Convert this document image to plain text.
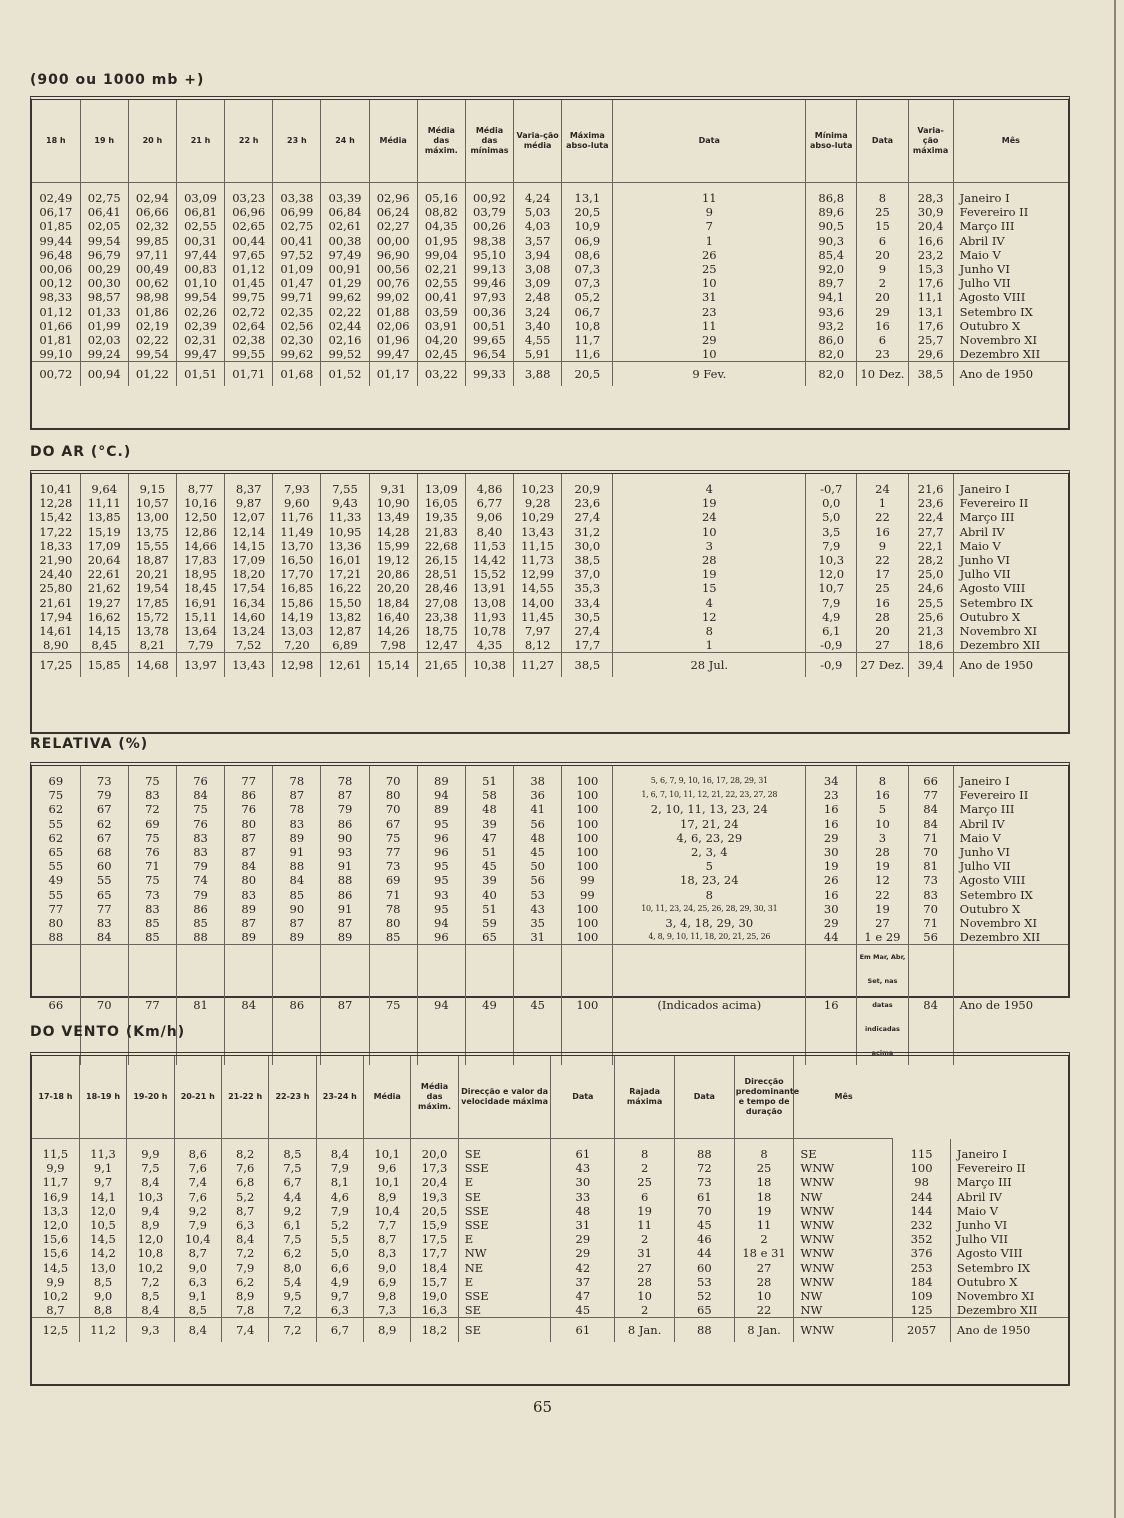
(900 ou 1000 mb +)
18 h	19 h	20 h	21 h	22 h	23 h	24 h	Média	Média das máxim.	Média das mínimas	Varia-ção média	Máxima abso-luta	Data	Mínima abso-luta	Data	Varia-ção máxima	Mês

02,49	02,75	02,94	03,09	03,23	03,38	03,39	02,96	05,16	00,92	4,24	13,1	11	86,8	8	28,3	Janeiro I
06,17	06,41	06,66	06,81	06,96	06,99	06,84	06,24	08,82	03,79	5,03	20,5	9	89,6	25	30,9	Fevereiro II
01,85	02,05	02,32	02,55	02,65	02,75	02,61	02,27	04,35	00,26	4,03	10,9	7	90,5	15	20,4	Março III
99,44	99,54	99,85	00,31	00,44	00,41	00,38	00,00	01,95	98,38	3,57	06,9	1	90,3	6	16,6	Abril IV
96,48	96,79	97,11	97,44	97,65	97,52	97,49	96,90	99,04	95,10	3,94	08,6	26	85,4	20	23,2	Maio V
00,06	00,29	00,49	00,83	01,12	01,09	00,91	00,56	02,21	99,13	3,08	07,3	25	92,0	9	15,3	Junho VI
00,12	00,30	00,62	01,10	01,45	01,47	01,29	00,76	02,55	99,46	3,09	07,3	10	89,7	2	17,6	Julho VII
98,33	98,57	98,98	99,54	99,75	99,71	99,62	99,02	00,41	97,93	2,48	05,2	31	94,1	20	11,1	Agosto VIII
01,12	01,33	01,86	02,26	02,72	02,35	02,22	01,88	03,59	00,36	3,24	06,7	23	93,6	29	13,1	Setembro IX
01,66	01,99	02,19	02,39	02,64	02,56	02,44	02,06	03,91	00,51	3,40	10,8	11	93,2	16	17,6	Outubro X
01,81	02,03	02,22	02,31	02,38	02,30	02,16	01,96	04,20	99,65	4,55	11,7	29	86,0	6	25,7	Novembro XI
99,10	99,24	99,54	99,47	99,55	99,62	99,52	99,47	02,45	96,54	5,91	11,6	10	82,0	23	29,6	Dezembro XII
00,72	00,94	01,22	01,51	01,71	01,68	01,52	01,17	03,22	99,33	3,88	20,5	9 Fev.	82,0	10 Dez.	38,5	Ano de 1950
DO AR (°C.)

10,41	9,64	9,15	8,77	8,37	7,93	7,55	9,31	13,09	4,86	10,23	20,9	4	-0,7	24	21,6	Janeiro I
12,28	11,11	10,57	10,16	9,87	9,60	9,43	10,90	16,05	6,77	9,28	23,6	19	0,0	1	23,6	Fevereiro II
15,42	13,85	13,00	12,50	12,07	11,76	11,33	13,49	19,35	9,06	10,29	27,4	24	5,0	22	22,4	Março III
17,22	15,19	13,75	12,86	12,14	11,49	10,95	14,28	21,83	8,40	13,43	31,2	10	3,5	16	27,7	Abril IV
18,33	17,09	15,55	14,66	14,15	13,70	13,36	15,99	22,68	11,53	11,15	30,0	3	7,9	9	22,1	Maio V
21,90	20,64	18,87	17,83	17,09	16,50	16,01	19,12	26,15	14,42	11,73	38,5	28	10,3	22	28,2	Junho VI
24,40	22,61	20,21	18,95	18,20	17,70	17,21	20,86	28,51	15,52	12,99	37,0	19	12,0	17	25,0	Julho VII
25,80	21,62	19,54	18,45	17,54	16,85	16,22	20,20	28,46	13,91	14,55	35,3	15	10,7	25	24,6	Agosto VIII
21,61	19,27	17,85	16,91	16,34	15,86	15,50	18,84	27,08	13,08	14,00	33,4	4	7,9	16	25,5	Setembro IX
17,94	16,62	15,72	15,11	14,60	14,19	13,82	16,40	23,38	11,93	11,45	30,5	12	4,9	28	25,6	Outubro X
14,61	14,15	13,78	13,64	13,24	13,03	12,87	14,26	18,75	10,78	7,97	27,4	8	6,1	20	21,3	Novembro XI
8,90	8,45	8,21	7,79	7,52	7,20	6,89	7,98	12,47	4,35	8,12	17,7	1	-0,9	27	18,6	Dezembro XII
17,25	15,85	14,68	13,97	13,43	12,98	12,61	15,14	21,65	10,38	11,27	38,5	28 Jul.	-0,9	27 Dez.	39,4	Ano de 1950
RELATIVA (%)

69	73	75	76	77	78	78	70	89	51	38	100	5, 6, 7, 9, 10, 16, 17, 28, 29, 31	34	8	66	Janeiro I
75	79	83	84	86	87	87	80	94	58	36	100	1, 6, 7, 10, 11, 12, 21, 22, 23, 27, 28	23	16	77	Fevereiro II
62	67	72	75	76	78	79	70	89	48	41	100	2, 10, 11, 13, 23, 24	16	5	84	Março III
55	62	69	76	80	83	86	67	95	39	56	100	17, 21, 24	16	10	84	Abril IV
62	67	75	83	87	89	90	75	96	47	48	100	4, 6, 23, 29	29	3	71	Maio V
65	68	76	83	87	91	93	77	96	51	45	100	2, 3, 4	30	28	70	Junho VI
55	60	71	79	84	88	91	73	95	45	50	100	5	19	19	81	Julho VII
49	55	75	74	80	84	88	69	95	39	56	99	18, 23, 24	26	12	73	Agosto VIII
55	65	73	79	83	85	86	71	93	40	53	99	8	16	22	83	Setembro IX
77	77	83	86	89	90	91	78	95	51	43	100	10, 11, 23, 24, 25, 26, 28, 29, 30, 31	30	19	70	Outubro X
80	83	85	85	87	87	87	80	94	59	35	100	3, 4, 18, 29, 30	29	27	71	Novembro XI
88	84	85	88	89	89	89	85	96	65	31	100	4, 8, 9, 10, 11, 18, 20, 21, 25, 26	44	1 e 29	56	Dezembro XII
66	70	77	81	84	86	87	75	94	49	45	100	(Indicados acima)	16	Em Mar, Abr, Set, nas datas indicadas acima	84	Ano de 1950
DO VENTO (Km/h)
17-18 h	18-19 h	19-20 h	20-21 h	21-22 h	22-23 h	23-24 h	Média	Média das máxim.	Direcção e valor da velocidade máxima	Data	Rajada máxima	Data	Direcção predominante e tempo de duração	Mês		

11,5	11,3	9,9	8,6	8,2	8,5	8,4	10,1	20,0	SE	61	8	88	8	SE	115	Janeiro I
9,9	9,1	7,5	7,6	7,6	7,5	7,9	9,6	17,3	SSE	43	2	72	25	WNW	100	Fevereiro II
11,7	9,7	8,4	7,4	6,8	6,7	8,1	10,1	20,4	E	30	25	73	18	WNW	98	Março III
16,9	14,1	10,3	7,6	5,2	4,4	4,6	8,9	19,3	SE	33	6	61	18	NW	244	Abril IV
13,3	12,0	9,4	9,2	8,7	9,2	7,9	10,4	20,5	SSE	48	19	70	19	WNW	144	Maio V
12,0	10,5	8,9	7,9	6,3	6,1	5,2	7,7	15,9	SSE	31	11	45	11	WNW	232	Junho VI
15,6	14,5	12,0	10,4	8,4	7,5	5,5	8,7	17,5	E	29	2	46	2	WNW	352	Julho VII
15,6	14,2	10,8	8,7	7,2	6,2	5,0	8,3	17,7	NW	29	31	44	18 e 31	WNW	376	Agosto VIII
14,5	13,0	10,2	9,0	7,9	8,0	6,6	9,0	18,4	NE	42	27	60	27	WNW	253	Setembro IX
9,9	8,5	7,2	6,3	6,2	5,4	4,9	6,9	15,7	E	37	28	53	28	WNW	184	Outubro X
10,2	9,0	8,5	9,1	8,9	9,5	9,7	9,8	19,0	SSE	47	10	52	10	NW	109	Novembro XI
8,7	8,8	8,4	8,5	7,8	7,2	6,3	7,3	16,3	SE	45	2	65	22	NW	125	Dezembro XII
12,5	11,2	9,3	8,4	7,4	7,2	6,7	8,9	18,2	SE	61	8 Jan.	88	8 Jan.	WNW	2057	Ano de 1950
65
